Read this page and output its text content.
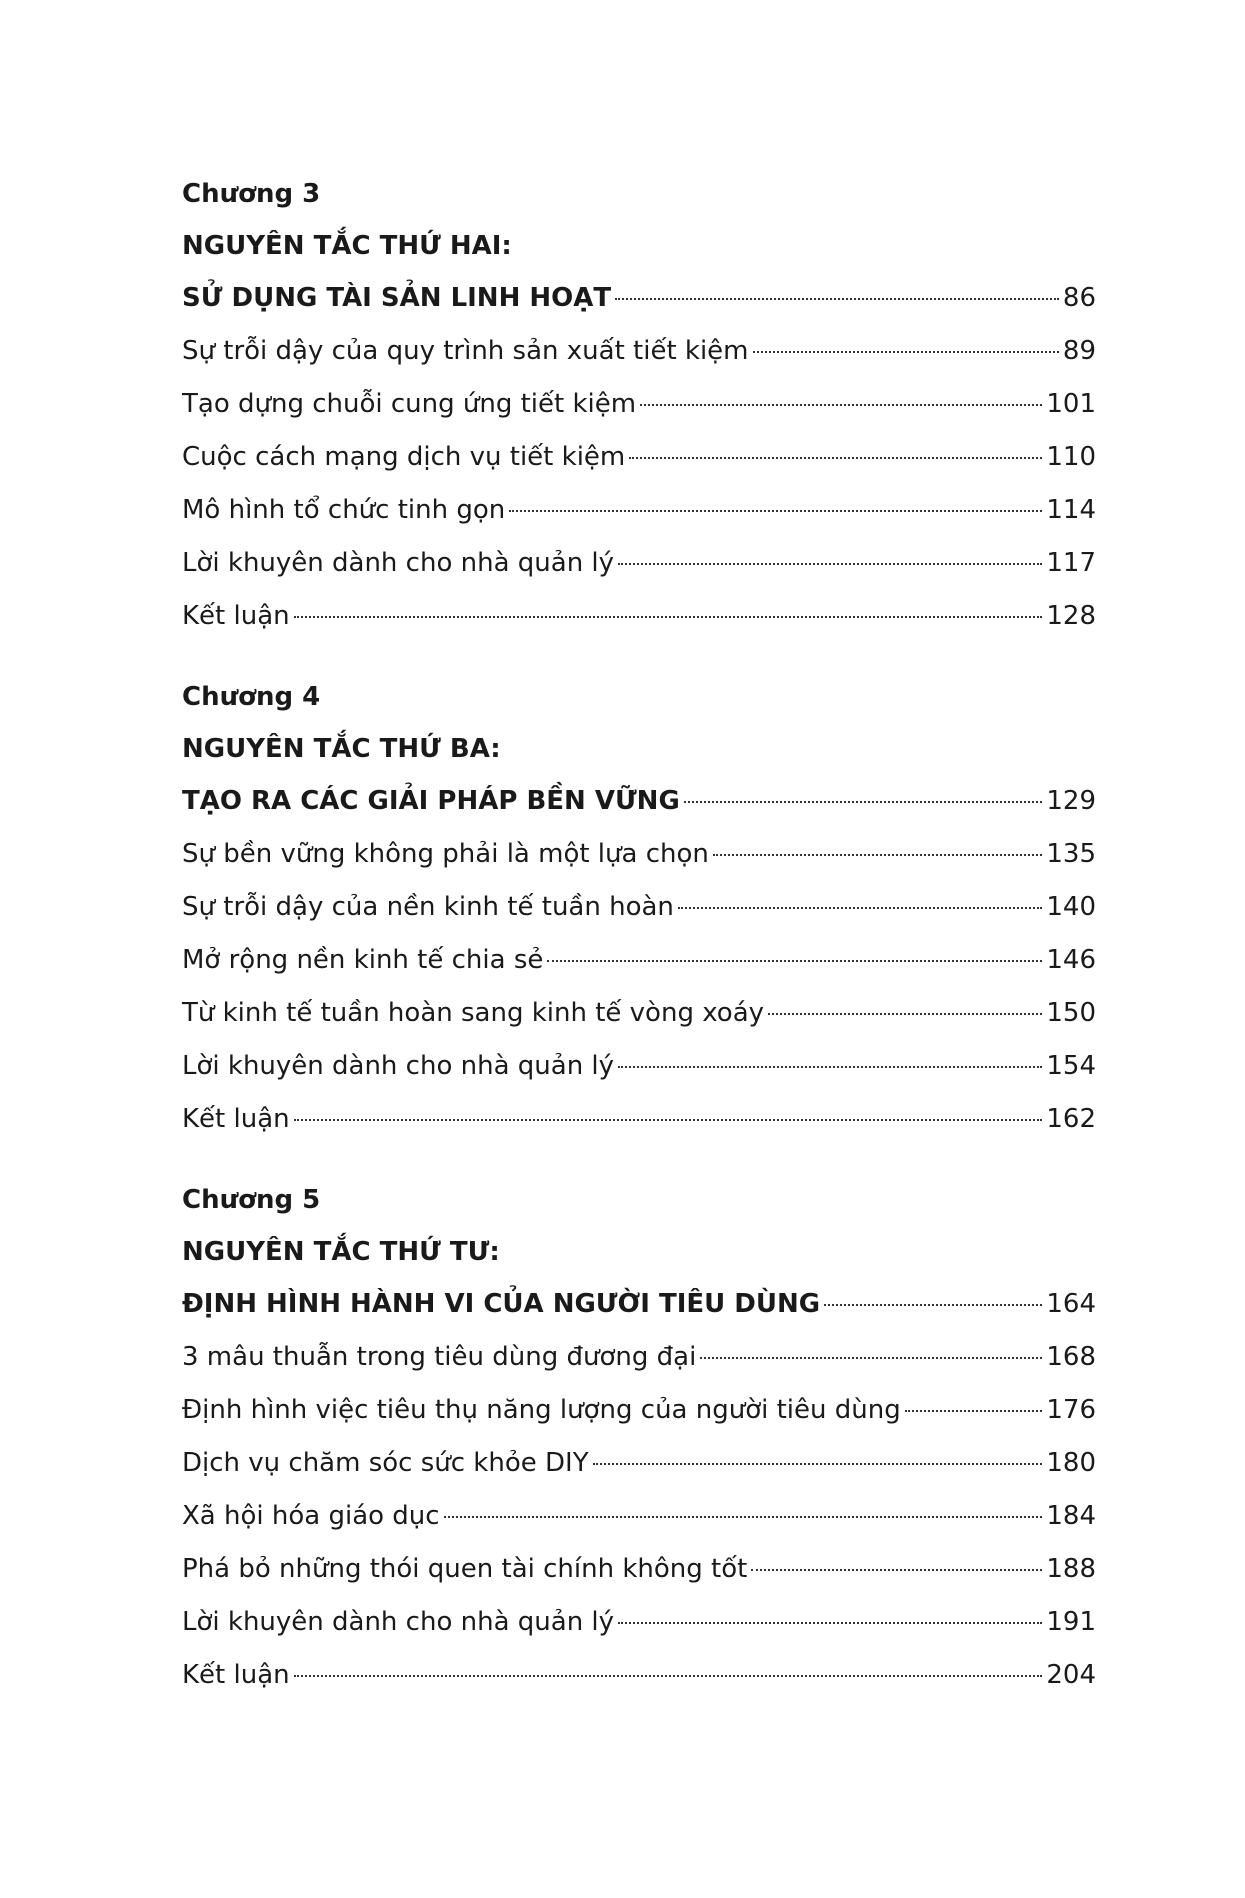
Chương 3
NGUYÊN TẮC THỨ HAI:
SỬ DỤNG TÀI SẢN LINH HOẠT	86
Sự trỗi dậy của quy trình sản xuất tiết kiệm	89
Tạo dựng chuỗi cung ứng tiết kiệm	101
Cuộc cách mạng dịch vụ tiết kiệm	110
Mô hình tổ chức tinh gọn	114
Lời khuyên dành cho nhà quản lý	117
Kết luận	128
Chương 4
NGUYÊN TẮC THỨ BA:
TẠO RA CÁC GIẢI PHÁP BỀN VỮNG	129
Sự bền vững không phải là một lựa chọn	135
Sự trỗi dậy của nền kinh tế tuần hoàn	140
Mở rộng nền kinh tế chia sẻ	146
Từ kinh tế tuần hoàn sang kinh tế vòng xoáy	150
Lời khuyên dành cho nhà quản lý	154
Kết luận	162
Chương 5
NGUYÊN TẮC THỨ TƯ:
ĐỊNH HÌNH HÀNH VI CỦA NGƯỜI TIÊU DÙNG	164
3 mâu thuẫn trong tiêu dùng đương đại	168
Định hình việc tiêu thụ năng lượng của người tiêu dùng	176
Dịch vụ chăm sóc sức khỏe DIY	180
Xã hội hóa giáo dục	184
Phá bỏ những thói quen tài chính không tốt	188
Lời khuyên dành cho nhà quản lý	191
Kết luận	204
